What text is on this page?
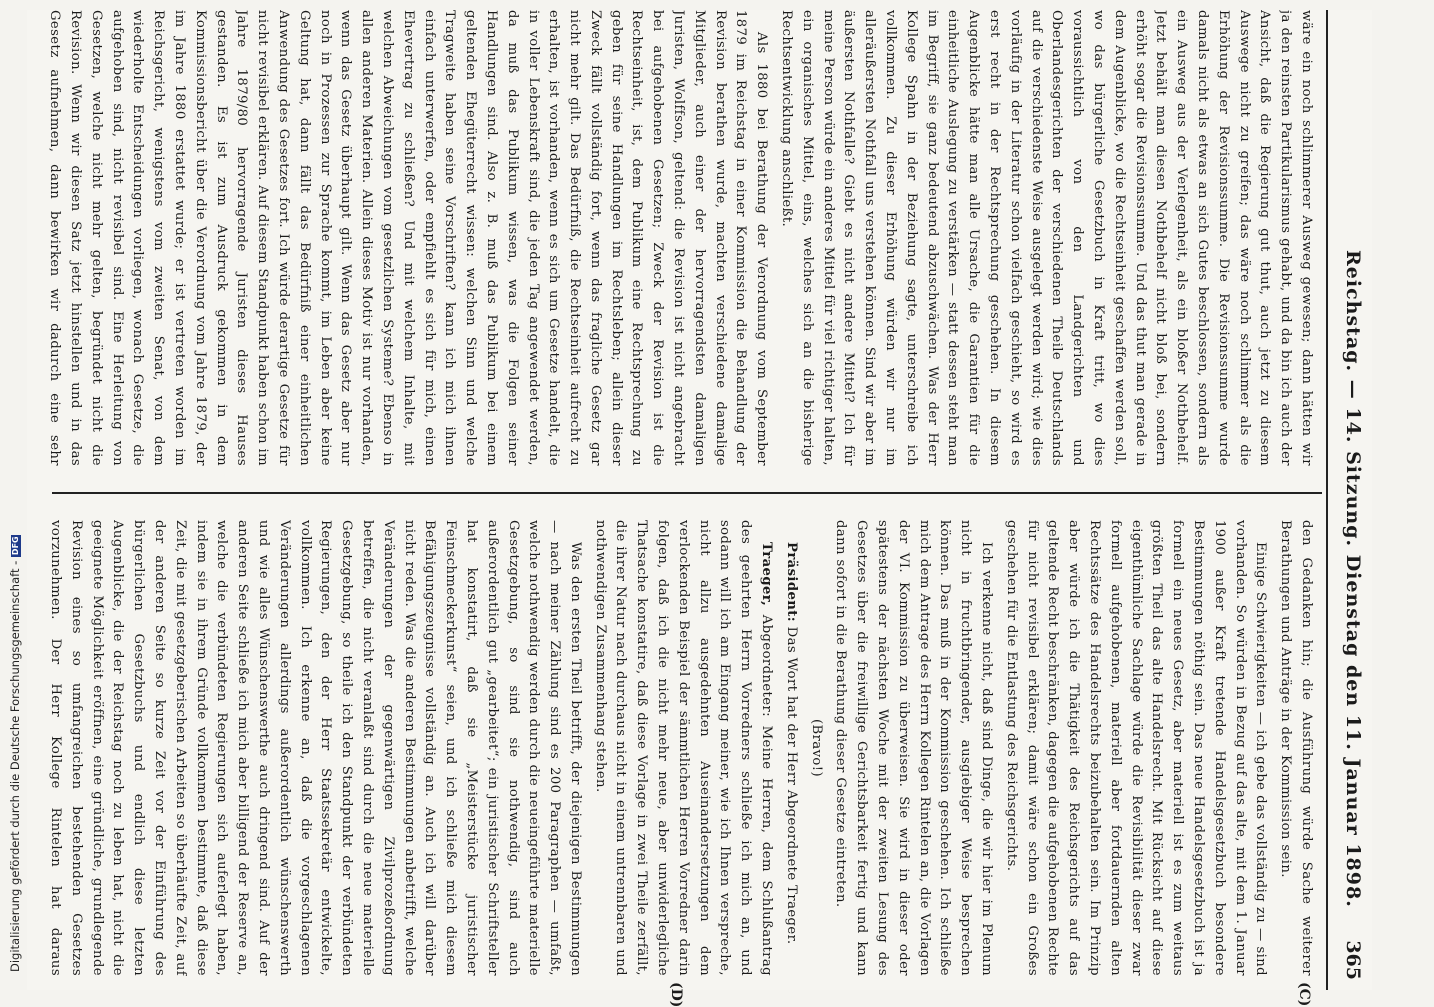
Reichstag. — 14. Sitzung. Dienstag den 11. Januar 1898.
365
(C)
(D)

wäre ein noch schlimmerer Ausweg gewesen; dann hätten wir ja den reinsten Partikularismus gehabt, und da bin ich auch der Ansicht, daß die Regierung gut thut, auch jetzt zu diesem Auswege nicht zu greifen; das wäre noch schlimmer als die Erhöhung der Revisionssumme. Die Revisionssumme wurde damals nicht als etwas an sich Gutes beschlossen, sondern als ein Ausweg aus der Verlegenheit, als ein bloßer Nothbehelf. Jetzt behält man diesen Nothbehelf nicht bloß bei, sondern erhöht sogar die Revisionssumme. Und das thut man gerade in dem Augenblicke, wo die Rechtseinheit geschaffen werden soll, wo das bürgerliche Gesetzbuch in Kraft tritt, wo dies voraussichtlich von den Landgerichten und Oberlandesgerichten der verschiedenen Theile Deutschlands auf die verschiedenste Weise ausgelegt werden wird; wie dies vorläufig in der Literatur schon vielfach geschieht, so wird es erst recht in der Rechtsprechung geschehen. In diesem Augenblicke hätte man alle Ursache, die Garantien für die einheitliche Auslegung zu verstärken — statt dessen steht man im Begriff, sie ganz bedeutend abzuschwächen. Was der Herr Kollege Spahn in der Beziehung sagte, unterschreibe ich vollkommen. Zu dieser Erhöhung würden wir nur im alleräußersten Nothfall uns verstehen können. Sind wir aber im äußersten Nothfalle? Giebt es nicht andere Mittel? Ich für meine Person würde ein anderes Mittel für viel richtiger halten, ein organisches Mittel, eins, welches sich an die bisherige Rechtsentwicklung anschließt.

Als 1880 bei Berathung der Verordnung vom September 1879 im Reichstag in einer Kommission die Behandlung der Revision berathen wurde, machten verschiedene damalige Mitglieder, auch einer der hervorragendsten damaligen Juristen, Wolffson, geltend: die Revision ist nicht angebracht bei aufgehobenen Gesetzen; Zweck der Revision ist die Rechtseinheit, ist, dem Publikum eine Rechtsprechung zu geben für seine Handlungen im Rechtsleben; allein dieser Zweck fällt vollständig fort, wenn das fragliche Gesetz gar nicht mehr gilt. Das Bedürfniß, die Rechtseinheit aufrecht zu erhalten, ist vorhanden, wenn es sich um Gesetze handelt, die in voller Lebenskraft sind, die jeden Tag angewendet werden, da muß das Publikum wissen, was die Folgen seiner Handlungen sind. Also z. B. muß das Publikum bei einem geltenden Ehegüterrecht wissen: welchen Sinn und welche Tragweite haben seine Vorschriften? kann ich mich ihnen einfach unterwerfen, oder empfiehlt es sich für mich, einen Ehevertrag zu schließen? Und mit welchem Inhalte, mit welchen Abweichungen vom gesetzlichen Systeme? Ebenso in allen anderen Materien. Allein dieses Motiv ist nur vorhanden, wenn das Gesetz überhaupt gilt. Wenn das Gesetz aber nur noch in Prozessen zur Sprache kommt, im Leben aber keine Geltung hat, dann fällt das Bedürfniß einer einheitlichen Anwendung des Gesetzes fort. Ich würde derartige Gesetze für nicht revisibel erklären. Auf diesem Standpunkt haben schon im Jahre 1879/80 hervorragende Juristen dieses Hauses gestanden. Es ist zum Ausdruck gekommen in dem Kommissionsbericht über die Verordnung vom Jahre 1879, der im Jahre 1880 erstattet wurde; er ist vertreten worden im Reichsgericht, wenigstens vom zweiten Senat, von dem wiederholte Entscheidungen vorliegen, wonach Gesetze, die aufgehoben sind, nicht revisibel sind. Eine Herleitung von Gesetzen, welche nicht mehr gelten, begründet nicht die Revision. Wenn wir diesen Satz jetzt hinstellen und in das Gesetz aufnehmen, dann bewirken wir dadurch eine sehr

den Gedanken hin; die Ausführung würde Sache weiterer Berathungen und Anträge in der Kommission sein.

Einige Schwierigkeiten — ich gebe das vollständig zu — sind vorhanden. So würden in Bezug auf das alte, mit dem 1. Januar 1900 außer Kraft tretende Handelsgesetzbuch besondere Bestimmungen nöthig sein. Das neue Handelsgesetzbuch ist ja formell ein neues Gesetz, aber materiell ist es zum weitaus größten Theil das alte Handelsrecht. Mit Rücksicht auf diese eigenthümliche Sachlage würde die Revisibilität dieser zwar formell aufgehobenen, materiell aber fortdauernden alten Rechtssätze des Handelsrechts beizubehalten sein. Im Prinzip aber würde ich die Thätigkeit des Reichsgerichts auf das geltende Recht beschränken, dagegen die aufgehobenen Rechte für nicht revisibel erklären; damit wäre schon ein Großes geschehen für die Entlastung des Reichsgerichts.

Ich verkenne nicht, daß sind Dinge, die wir hier im Plenum nicht in fruchtbringender, ausgiebiger Weise besprechen können. Das muß in der Kommission geschehen. Ich schließe mich dem Antrage des Herrn Kollegen Rintelen an, die Vorlagen der VI. Kommission zu überweisen. Sie wird in dieser oder spätestens der nächsten Woche mit der zweiten Lesung des Gesetzes über die freiwillige Gerichtsbarkeit fertig und kann dann sofort in die Berathung dieser Gesetze eintreten.

(Bravo!)

Präsident: Das Wort hat der Herr Abgeordnete Traeger.

Traeger, Abgeordneter: Meine Herren, dem Schlußantrag des geehrten Herrn Vorredners schließe ich mich an, und sodann will ich am Eingang meiner, wie ich Ihnen verspreche, nicht allzu ausgedehnten Auseinandersetzungen dem verlockenden Beispiel der sämmtlichen Herren Vorredner darin folgen, daß ich die nicht mehr neue, aber unwiderlegliche Thatsache konstatire, daß diese Vorlage in zwei Theile zerfällt, die ihrer Natur nach durchaus nicht in einem untrennbaren und nothwendigen Zusammenhang stehen.

Was den ersten Theil betrifft, der diejenigen Bestimmungen — nach meiner Zählung sind es 200 Paragraphen — umfaßt, welche nothwendig werden durch die neueingeführte materielle Gesetzgebung, so sind sie nothwendig, sind auch außerordentlich gut „gearbeitet“; ein juristischer Schriftsteller hat konstatirt, daß sie „Meisterstücke juristischer Feinschmeckerkunst“ seien, und ich schließe mich diesem Befähigungszeugnisse vollständig an. Auch ich will darüber nicht reden. Was die anderen Bestimmungen anbetrifft, welche Veränderungen der gegenwärtigen Zivilprozeßordnung betreffen, die nicht veranlaßt sind durch die neue materielle Gesetzgebung, so theile ich den Standpunkt der verbündeten Regierungen, den der Herr Staatssekretär entwickelte, vollkommen. Ich erkenne an, daß die vorgeschlagenen Veränderungen allerdings außerordentlich wünschenswerth und wie alles Wünschenswerthe auch dringend sind. Auf der anderen Seite schließe ich mich aber billigend der Reserve an, welche die verbündeten Regierungen sich auferlegt haben, indem sie in ihrem Gründe vollkommen bestimmte, daß diese Zeit, die mit gesetzgeberischen Arbeiten so überhäufte Zeit, auf der anderen Seite so kurze Zeit vor der Einführung des bürgerlichen Gesetzbuchs und endlich diese letzten Augenblicke, die der Reichstag noch zu leben hat, nicht die geeignete Möglichkeit eröffnen, eine gründliche, grundlegende Revision eines so umfangreichen bestehenden Gesetzes vorzunehmen. Der Herr Kollege Rintelen hat daraus

Digitalisierung gefördert durch die Deutsche Forschungsgemeinschaft -DFG
